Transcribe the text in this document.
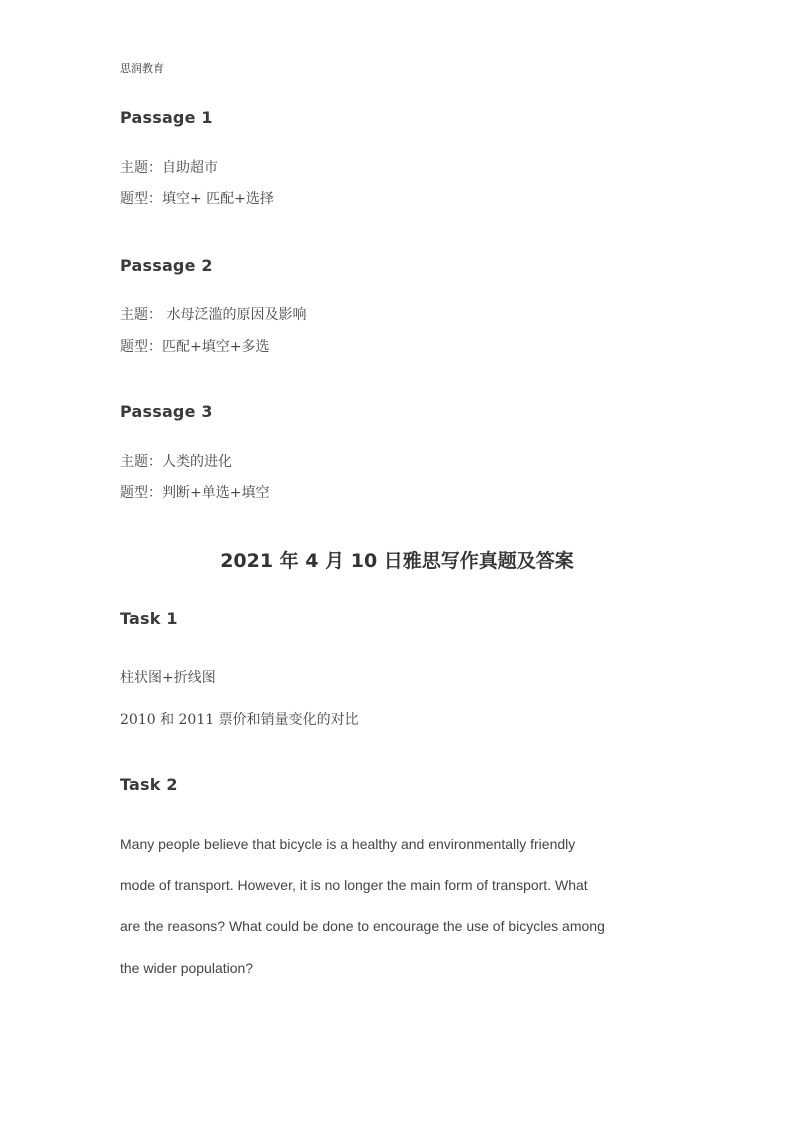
思润教育
Passage 1
主题：自助超市
题型：填空+ 匹配+选择
Passage 2
主题： 水母泛滥的原因及影响
题型：匹配+填空+多选
Passage 3
主题：人类的进化
题型：判断+单选+填空
2021 年 4 月 10 日雅思写作真题及答案
Task 1
柱状图+折线图
2010 和 2011 票价和销量变化的对比
Task 2
Many people believe that bicycle is a healthy and environmentally friendly
mode of transport. However, it is no longer the main form of transport. What
are the reasons? What could be done to encourage the use of bicycles among
the wider population?
